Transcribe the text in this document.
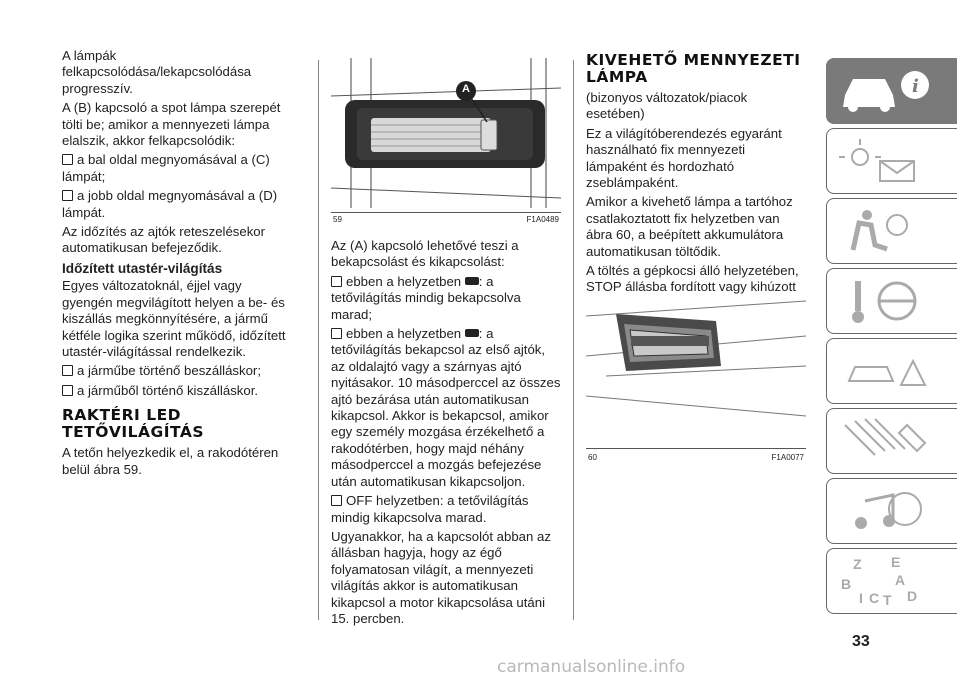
A lámpák felkapcsolódása/lekapcsolódása progresszív.

A (B) kapcsoló a spot lámpa szerepét tölti be; amikor a mennyezeti lámpa elalszik, akkor felkapcsolódik:

a bal oldal megnyomásával a (C) lámpát;

a jobb oldal megnyomásával a (D) lámpát.

Az időzítés az ajtók reteszelésekor automatikusan befejeződik.

Időzített utastér-világítás

Egyes változatoknál, éjjel vagy gyengén megvilágított helyen a be- és kiszállás megkönnyítésére, a jármű kétféle logika szerint működő, időzített utastér-világítással rendelkezik.

a járműbe történő beszálláskor;

a járműből történő kiszálláskor.

RAKTÉRI LED TETŐVILÁGÍTÁS

A tetőn helyezkedik el, a rakodótéren belül ábra 59.

A
59	F1A0489

Az (A) kapcsoló lehetővé teszi a bekapcsolást és kikapcsolást:

ebben a helyzetben : a tetővilágítás mindig bekapcsolva marad;

ebben a helyzetben : a tetővilágítás bekapcsol az első ajtók, az oldalajtó vagy a szárnyas ajtó nyitásakor. 10 másodperccel az összes ajtó bezárása után automatikusan kikapcsol. Akkor is bekapcsol, amikor egy személy mozgása érzékelhető a rakodótérben, hogy majd néhány másodperccel a mozgás befejezése után automatikusan kikapcsoljon.

OFF helyzetben: a tetővilágítás mindig kikapcsolva marad.

Ugyanakkor, ha a kapcsolót abban az állásban hagyja, hogy az égő folyamatosan világít, a mennyezeti világítás akkor is automatikusan kikapcsol a motor kikapcsolása utáni 15. percben.

KIVEHETŐ MENNYEZETI LÁMPA

(bizonyos változatok/piacok esetében)

Ez a világítóberendezés egyaránt használható fix mennyezeti lámpaként és hordozható zseblámpaként.

Amikor a kivehető lámpa a tartóhoz csatlakoztatott fix helyzetben van ábra 60, a beépített akkumulátora automatikusan töltődik.

A töltés a gépkocsi álló helyzetében, STOP állásba fordított vagy kihúzott

60	F1A0077
i
Z E
B	A
I C T D
33
carmanualsonline.info
